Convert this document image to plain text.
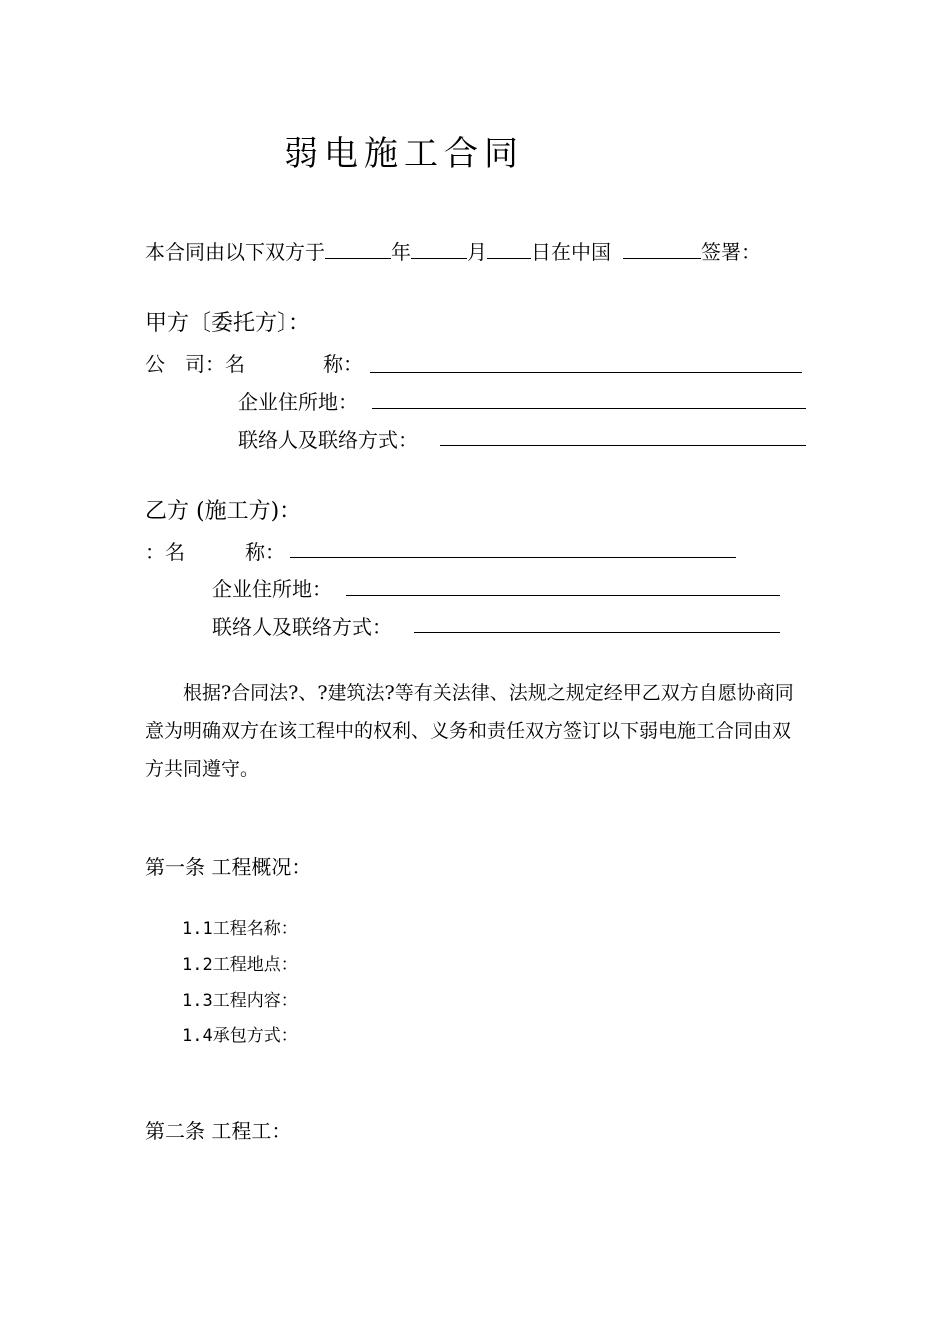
弱电施工合同
本合同由以下双方于	年	月 日在中国	签署：
甲方〔委托方〕：
公　司：名	称：
企业住所地：
联络人及联络方式：
乙方 (施工方)：
：名	称：
企业住所地：
联络人及联络方式：
根据?合同法?、?建筑法?等有关法律、法规之规定经甲乙双方自愿协商同意为明确双方在该工程中的权利、义务和责任双方签订以下弱电施工合同由双方共同遵守。
第一条 工程概况：
1.1工程名称：
1.2工程地点：
1.3工程内容：
1.4承包方式：
第二条 工程工：
